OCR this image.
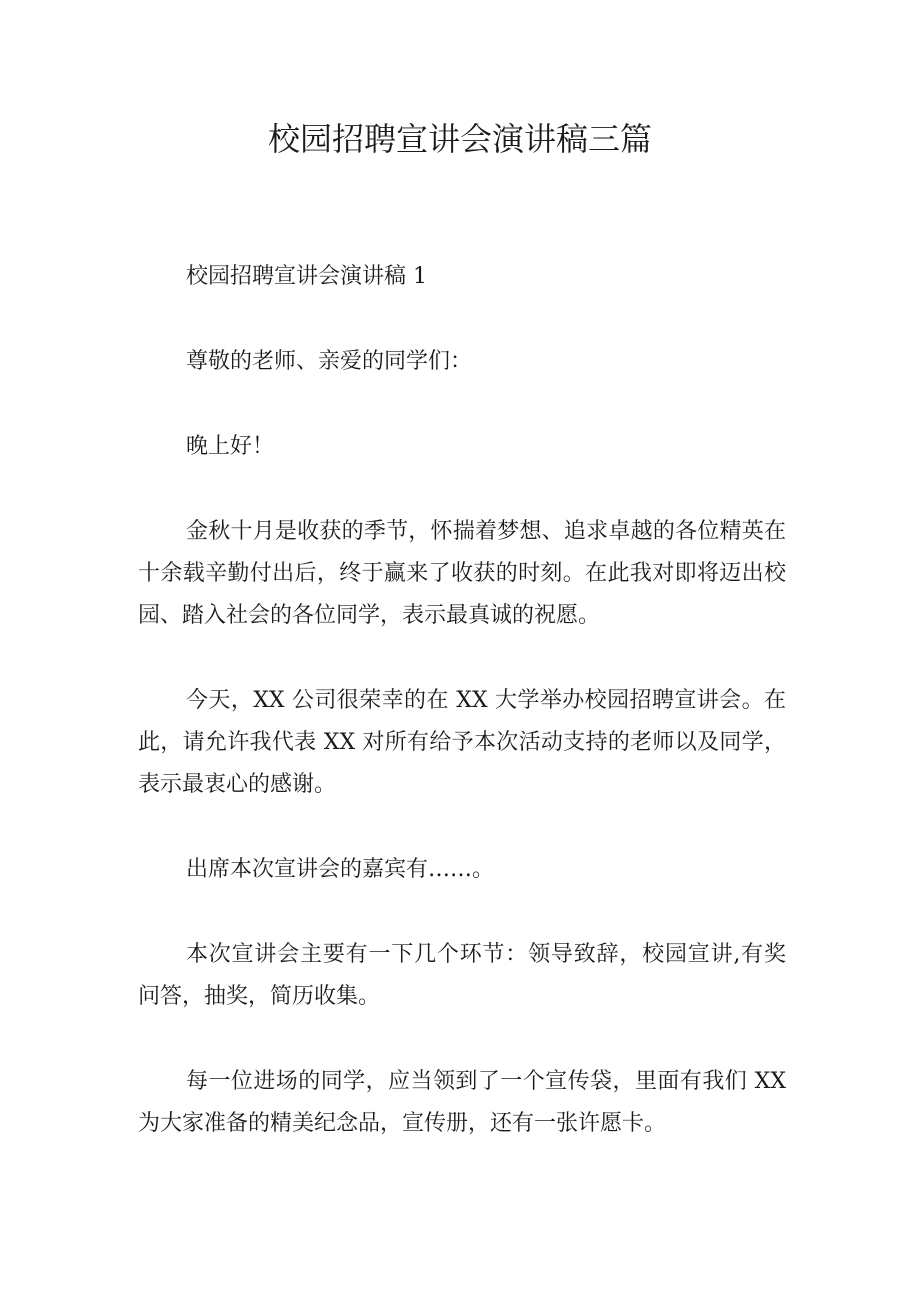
校园招聘宣讲会演讲稿三篇

校园招聘宣讲会演讲稿 1

尊敬的老师、亲爱的同学们：

晚上好！

金秋十月是收获的季节，怀揣着梦想、追求卓越的各位精英在十余载辛勤付出后，终于赢来了收获的时刻。在此我对即将迈出校园、踏入社会的各位同学，表示最真诚的祝愿。

今天，XX 公司很荣幸的在 XX 大学举办校园招聘宣讲会。在此，请允许我代表 XX 对所有给予本次活动支持的老师以及同学，表示最衷心的感谢。

出席本次宣讲会的嘉宾有……。

本次宣讲会主要有一下几个环节：领导致辞，校园宣讲,有奖问答，抽奖，简历收集。

每一位进场的同学，应当领到了一个宣传袋，里面有我们 XX 为大家准备的精美纪念品，宣传册，还有一张许愿卡。
